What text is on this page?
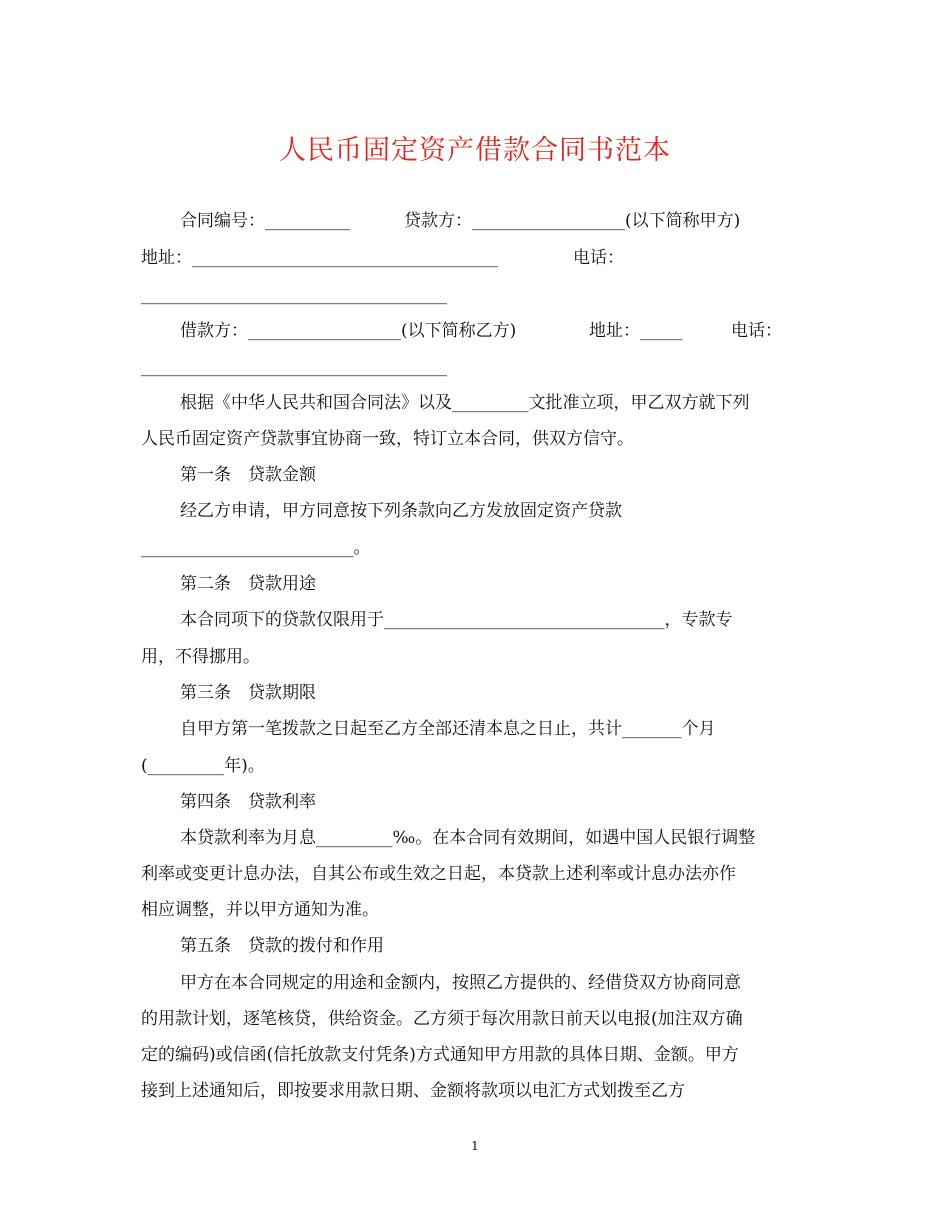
人民币固定资产借款合同书范本
合同编号：__________	贷款方：__________________(以下简称甲方)
地址：____________________________________	电话：
____________________________________
借款方：__________________(以下简称乙方)	地址：_____	电话：
____________________________________
根据《中华人民共和国合同法》以及_________文批准立项，甲乙双方就下列
人民币固定资产贷款事宜协商一致，特订立本合同，供双方信守。
第一条　贷款金额
经乙方申请，甲方同意按下列条款向乙方发放固定资产贷款
_________________________。
第二条　贷款用途
本合同项下的贷款仅限用于_________________________________，专款专
用，不得挪用。
第三条　贷款期限
自甲方第一笔拨款之日起至乙方全部还清本息之日止，共计_______个月
(_________年)。
第四条　贷款利率
本贷款利率为月息_________‰。在本合同有效期间，如遇中国人民银行调整
利率或变更计息办法，自其公布或生效之日起，本贷款上述利率或计息办法亦作
相应调整，并以甲方通知为准。
第五条　贷款的拨付和作用
甲方在本合同规定的用途和金额内，按照乙方提供的、经借贷双方协商同意
的用款计划，逐笔核贷，供给资金。乙方须于每次用款日前天以电报(加注双方确
定的编码)或信函(信托放款支付凭条)方式通知甲方用款的具体日期、金额。甲方
接到上述通知后，即按要求用款日期、金额将款项以电汇方式划拨至乙方
1
